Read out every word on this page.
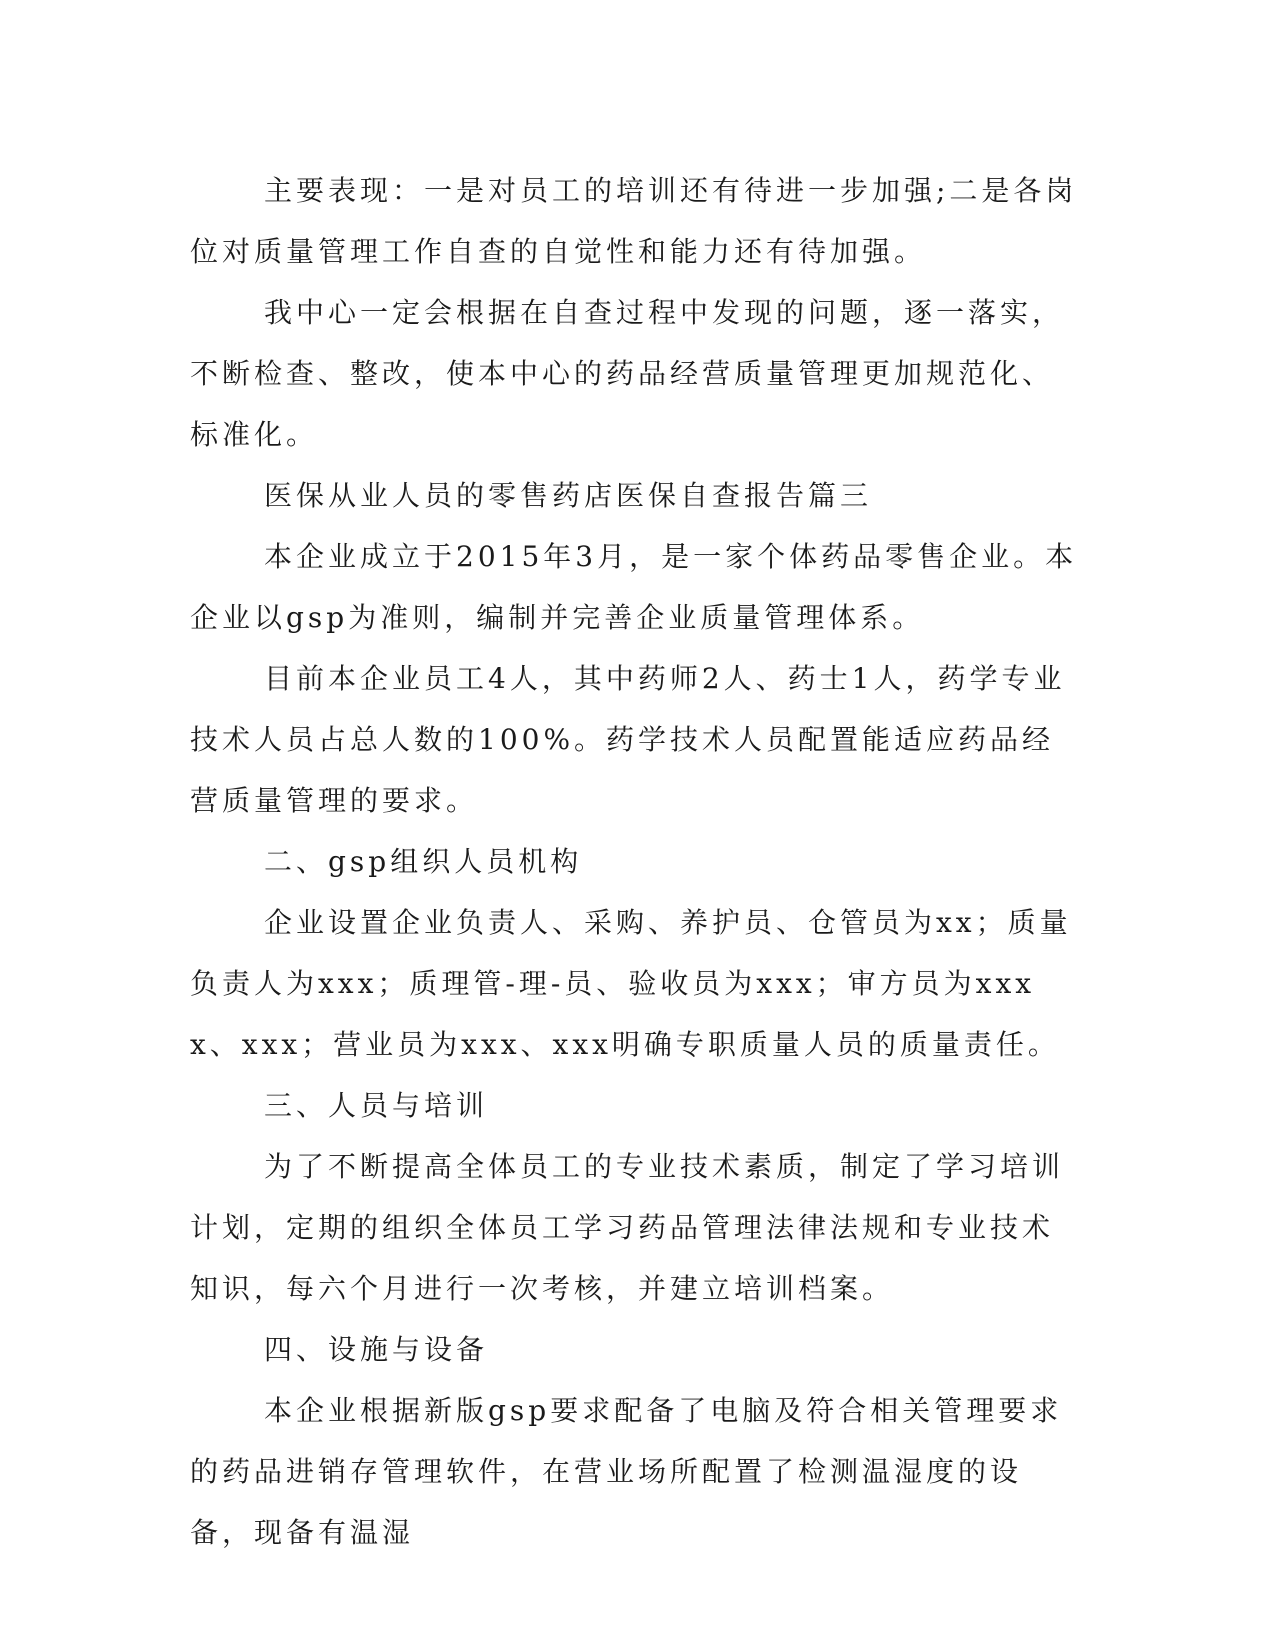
主要表现：一是对员工的培训还有待进一步加强;二是各岗位对质量管理工作自查的自觉性和能力还有待加强。

我中心一定会根据在自查过程中发现的问题，逐一落实，不断检查、整改，使本中心的药品经营质量管理更加规范化、标准化。

医保从业人员的零售药店医保自查报告篇三

本企业成立于2015年3月，是一家个体药品零售企业。本企业以gsp为准则，编制并完善企业质量管理体系。

目前本企业员工4人，其中药师2人、药士1人，药学专业技术人员占总人数的100%。药学技术人员配置能适应药品经营质量管理的要求。

二、gsp组织人员机构

企业设置企业负责人、采购、养护员、仓管员为xx；质量负责人为xxx；质理管-理-员、验收员为xxx；审方员为xxxx、xxx；营业员为xxx、xxx明确专职质量人员的质量责任。

三、人员与培训

为了不断提高全体员工的专业技术素质，制定了学习培训计划，定期的组织全体员工学习药品管理法律法规和专业技术知识，每六个月进行一次考核，并建立培训档案。

四、设施与设备

本企业根据新版gsp要求配备了电脑及符合相关管理要求的药品进销存管理软件，在营业场所配置了检测温湿度的设备，现备有温湿
